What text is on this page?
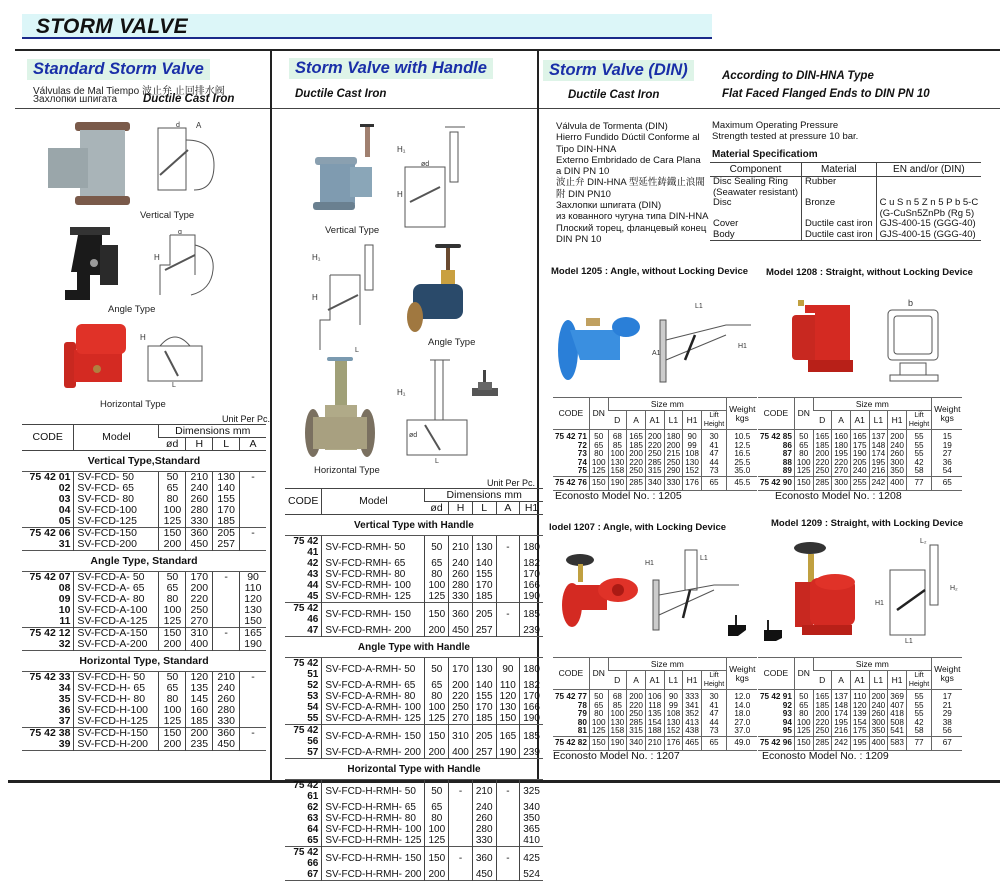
STORM VALVE
Standard Storm Valve
Válvulas de Mal Tiempo 波止弁 止回排水阀
Захлопки шпигата Ductile Cast Iron
Storm Valve with Handle
Ductile Cast Iron
Storm Valve (DIN)
Ductile Cast Iron
According to DIN-HNA Type
Flat Faced Flanged Ends to DIN PN 10
A
d
Vertical Type
H
d
Angle Type
H
L
Horizontal Type
Unit Per Pc.
CODE	Model	Dimensions mm			
		ød	H	L	A
Vertical Type,Standard					
75 42 01	SV-FCD- 50	50	210	130	-
02	SV-FCD- 65	65	240	140	
03	SV-FCD- 80	80	260	155	
04	SV-FCD-100	100	280	170	
05	SV-FCD-125	125	330	185	
75 42 06	SV-FCD-150	150	360	205	-
31	SV-FCD-200	200	450	257	
Angle Type, Standard					
75 42 07	SV-FCD-A- 50	50	170	-	90
08	SV-FCD-A- 65	65	200		110
09	SV-FCD-A- 80	80	220		120
10	SV-FCD-A-100	100	250		130
11	SV-FCD-A-125	125	270		150
75 42 12	SV-FCD-A-150	150	310	-	165
32	SV-FCD-A-200	200	400		190
Horizontal Type, Standard					
75 42 33	SV-FCD-H- 50	50	120	210	-
34	SV-FCD-H- 65	65	135	240	
35	SV-FCD-H- 80	80	145	260	
36	SV-FCD-H-100	100	160	280	
37	SV-FCD-H-125	125	185	330	
75 42 38	SV-FCD-H-150	150	200	360	-
39	SV-FCD-H-200	200	235	450	
H₁
H
ød
Vertical Type
H₁
H
L
Angle Type
H₁
ød
L
Horizontal Type
Unit Per Pc.
CODE	Model	Dimensions mm				
		ød	H	L	A	H1
Vertical Type with Handle						
75 42 41	SV-FCD-RMH- 50	50	210	130	-	180
42	SV-FCD-RMH- 65	65	240	140		182
43	SV-FCD-RMH- 80	80	260	155		170
44	SV-FCD-RMH- 100	100	280	170		166
45	SV-FCD-RMH- 125	125	330	185		190
75 42 46	SV-FCD-RMH- 150	150	360	205	-	185
47	SV-FCD-RMH- 200	200	450	257		239
Angle Type with Handle						
75 42 51	SV-FCD-A-RMH- 50	50	170	130	90	180
52	SV-FCD-A-RMH- 65	65	200	140	110	182
53	SV-FCD-A-RMH- 80	80	220	155	120	170
54	SV-FCD-A-RMH- 100	100	250	170	130	166
55	SV-FCD-A-RMH- 125	125	270	185	150	190
75 42 56	SV-FCD-A-RMH- 150	150	310	205	165	185
57	SV-FCD-A-RMH- 200	200	400	257	190	239
Horizontal Type with Handle						
75 42 61	SV-FCD-H-RMH- 50	50	-	210	-	325
62	SV-FCD-H-RMH- 65	65		240		340
63	SV-FCD-H-RMH- 80	80		260		350
64	SV-FCD-H-RMH- 100	100		280		365
65	SV-FCD-H-RMH- 125	125		330		410
75 42 66	SV-FCD-H-RMH- 150	150	-	360	-	425
67	SV-FCD-H-RMH- 200	200		450		524
Válvula de Tormenta (DIN)
Hierro Fundido Dúctil Conforme al
Tipo DIN-HNA
Externo Embridado de Cara Plana
a DIN PN 10
波止弁 DIN-HNA 型延性鋳鐵止浪閥
附 DIN PN10
Захлопки шпигата (DIN)
из кованного чугуна типа DIN-HNA
Плоский торец, фланцевый конец
DIN PN 10
Maximum Operating Pressure
Strength tested at pressure 10 bar.
Material Specificatiom
Component	Material	EN and/or (DIN)
Disc Sealing Ring	Rubber	
(Seawater resistant)		
Disc	Bronze	C u S n 5 Z n 5 P b 5-C
		(G-CuSn5ZnPb (Rg 5)
Cover	Ductile cast iron	GJS-400-15 (GGG-40)
Body	Ductile cast iron	GJS-400-15 (GGG-40)
Model 1205 : Angle, without Locking Device Model 1208 : Straight, without Locking Device
lodel 1207 : Angle, with Locking Device	Model 1209 : Straight, with Locking Device
A1
L1
H1
b
H1
L1
H1
H₂
L1
L₂
CODE	DN	Size mm						Weight kgs
		D	A	A1	L1	H1	Lift Height	
75 42 71	50	68	165	200	180	90	30	10.5
72	65	85	185	220	200	99	41	12.5
73	80	100	200	250	215	108	47	16.5
74	100	130	220	285	250	130	44	25.5
75	125	158	250	315	290	152	73	35.0
75 42 76	150	190	285	340	330	176	65	45.5
CODE	DN	Size mm						Weight kgs
		D	A	A1	L1	H1	Lift Height	
75 42 85	50	165	160	165	137	200	55	15
86	65	185	180	175	148	240	55	19
87	80	200	195	190	174	260	55	27
88	100	220	220	205	195	300	42	36
89	125	250	270	240	216	350	58	54
75 42 90	150	285	300	255	242	400	77	65
CODE	DN	Size mm						Weight kgs
		D	A	A1	L1	H1	Lift Height	
75 42 77	50	68	200	106	90	333	30	12.0
78	65	85	220	118	99	341	41	14.0
79	80	100	250	135	108	352	47	18.0
80	100	130	285	154	130	413	44	27.0
81	125	158	315	188	152	438	73	37.0
75 42 82	150	190	340	210	176	465	65	49.0
CODE	DN	Size mm						Weight kgs
		D	A	A1	L1	H1	Lift Height	
75 42 91	50	165	137	110	200	369	55	17
92	65	185	148	120	240	407	55	21
93	80	200	174	139	260	418	55	29
94	100	220	195	154	300	508	42	38
95	125	250	216	175	350	541	58	56
75 42 96	150	285	242	195	400	583	77	67
Econosto Model No. : 1205	Econosto Model No. : 1208
Econosto Model No. : 1207	Econosto Model No. : 1209
